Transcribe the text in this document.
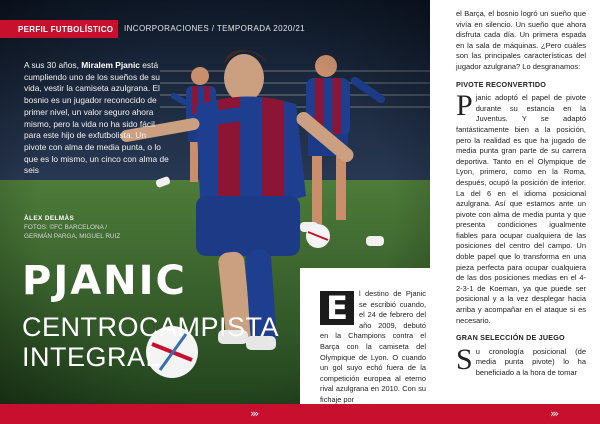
PERFIL FUTBOLÍSTICO	INCORPORACIONES / TEMPORADA 2020/21
A sus 30 años, Miralem Pjanic está cumpliendo uno de los sueños de su vida, vestir la camiseta azulgrana. El bosnio es un jugador reconocido de primer nivel, un valor seguro ahora mismo, pero la vida no ha sido fácil para este hijo de exfutbolista. Un pivote con alma de media punta, o lo que es lo mismo, un cinco con alma de seis
ÀLEX DELMÀS
FOTOS: ©FC BARCELONA /
GERMÁN PARGA, MIGUEL RUIZ
PJANIC
CENTROCAMPISTA
INTEGRAL
E	l destino de Pjanic se escribió cuando, el 24 de febrero del año 2009, debutó en la Champions contra el Barça con la camiseta del Olympique de Lyon. O cuando un gol suyo echó fuera de la competición europea al eterno rival azulgrana en 2010. Con su fichaje por
el Barça, el bosnio logró un sueño que vivía en silencio. Un sueño que ahora disfruta cada día. Un primera espada en la sala de máquinas. ¿Pero cuáles son las principales características del jugador azulgrana? Lo desgranamos:
PIVOTE RECONVERTIDO
Pjanic adoptó el papel de pivote durante su estancia en la Juventus. Y se adaptó fantásticamente bien a la posición, pero la realidad es que ha jugado de media punta gran parte de su carrera deportiva. Tanto en el Olympique de Lyon, primero, como en la Roma, después, ocupó la posición de interior. La del 6 en el idioma posicional azulgrana. Así que estamos ante un pivote con alma de media punta y que presenta condiciones igualmente fiables para ocupar cualquiera de las posiciones del centro del campo. Un doble papel que lo transforma en una pieza perfecta para ocupar cualquiera de las dos posiciones medias en el 4-2-3-1 de Koeman, ya que puede ser posicional y a la vez desplegar hacia arriba y acompañar en el ataque si es necesario.
GRAN SELECCIÓN DE JUEGO
Su cronología posicional (de media punta pivote) lo ha beneficiado a la hora de tomar
›››	›››
